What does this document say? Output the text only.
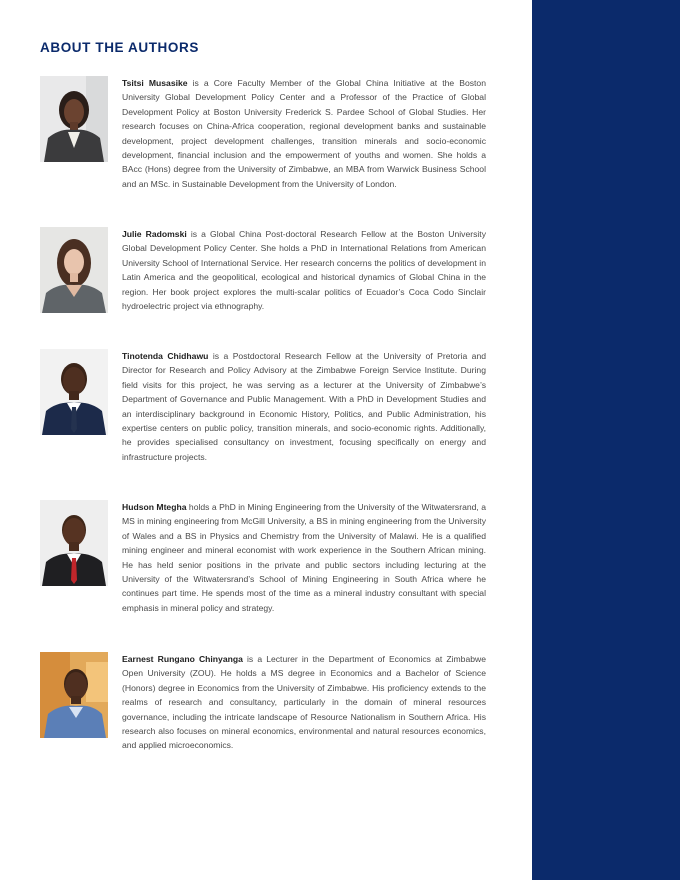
ABOUT THE AUTHORS

Tsitsi Musasike is a Core Faculty Member of the Global China Initiative at the Boston University Global Development Policy Center and a Professor of the Practice of Global Development Policy at Boston University Frederick S. Pardee School of Global Studies. Her research focuses on China-Africa cooperation, regional development banks and sustainable development, project development challenges, transition minerals and socio-economic development, financial inclusion and the empowerment of youths and women. She holds a BAcc (Hons) degree from the University of Zimbabwe, an MBA from Warwick Business School and an MSc. in Sustainable Development from the University of London.

Julie Radomski is a Global China Post-doctoral Research Fellow at the Boston University Global Development Policy Center. She holds a PhD in International Relations from American University School of International Service. Her research concerns the politics of development in Latin America and the geopolitical, ecological and historical dynamics of Global China in the region. Her book project explores the multi-scalar politics of Ecuador’s Coca Codo Sinclair hydroelectric project via ethnography.

Tinotenda Chidhawu is a Postdoctoral Research Fellow at the University of Pretoria and Director for Research and Policy Advisory at the Zimbabwe Foreign Service Institute. During field visits for this project, he was serving as a lecturer at the University of Zimbabwe’s Department of Governance and Public Management. With a PhD in Development Studies and an interdisciplinary background in Economic History, Politics, and Public Administration, his expertise centers on public policy, transition minerals, and socio-economic rights. Additionally, he provides specialised consultancy on investment, focusing specifically on energy and infrastructure projects.

Hudson Mtegha holds a PhD in Mining Engineering from the University of the Witwatersrand, a MS in mining engineering from McGill University, a BS in mining engineering from the University of Wales and a BS in Physics and Chemistry from the University of Malawi. He is a qualified mining engineer and mineral economist with work experience in the Southern African mining. He has held senior positions in the private and public sectors including lecturing at the University of the Witwatersrand’s School of Mining Engineering in South Africa where he continues part time. He spends most of the time as a mineral industry consultant with special emphasis in mineral policy and strategy.

Earnest Rungano Chinyanga is a Lecturer in the Department of Economics at Zimbabwe Open University (ZOU). He holds a MS degree in Economics and a Bachelor of Science (Honors) degree in Economics from the University of Zimbabwe. His proficiency extends to the realms of research and consultancy, particularly in the domain of mineral resources governance, including the intricate landscape of Resource Nationalism in Southern Africa. His research also focuses on mineral economics, environmental and natural resources economics, and applied microeconomics.
